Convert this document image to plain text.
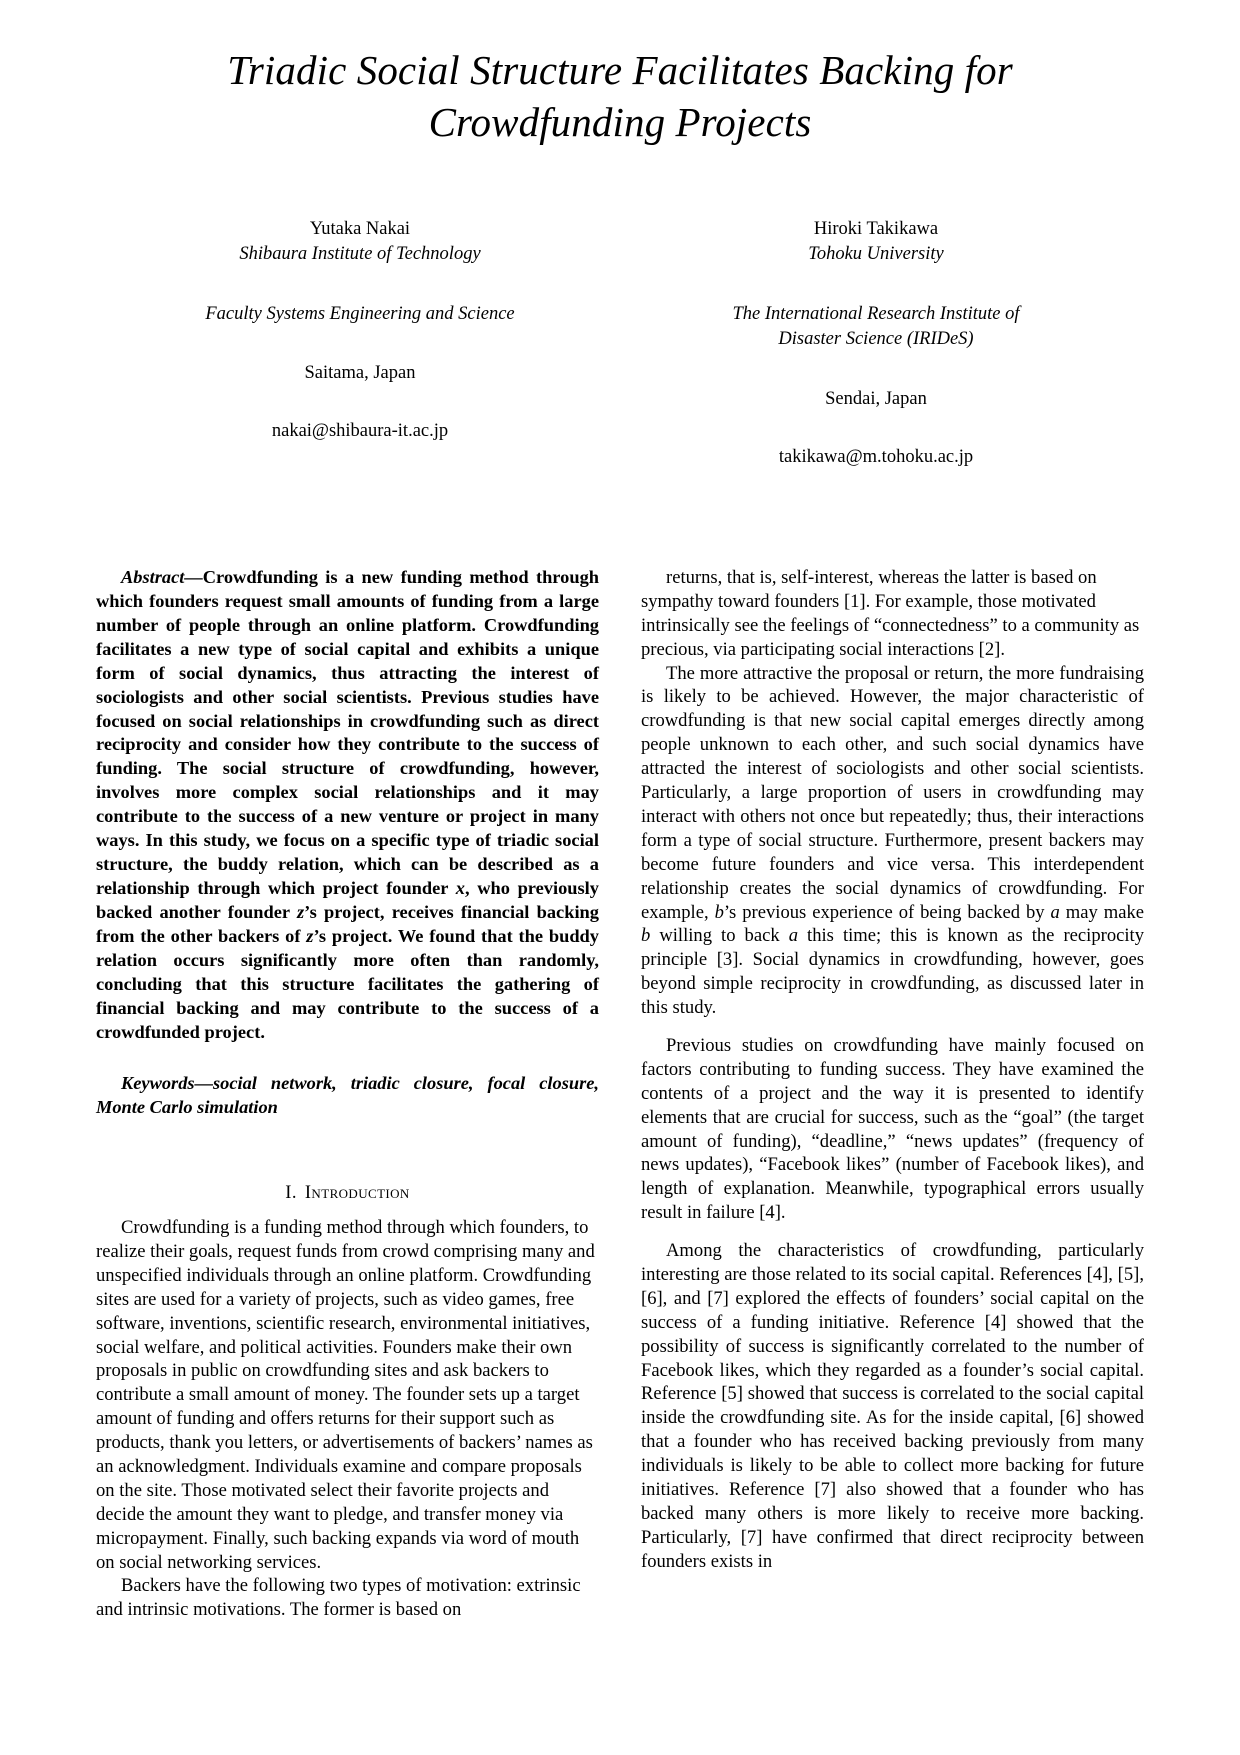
Triadic Social Structure Facilitates Backing for Crowdfunding Projects
Yutaka Nakai
Shibaura Institute of Technology
Faculty Systems Engineering and Science
Saitama, Japan
nakai@shibaura-it.ac.jp
Hiroki Takikawa
Tohoku University
The International Research Institute of Disaster Science (IRIDeS)
Sendai, Japan
takikawa@m.tohoku.ac.jp

Abstract—Crowdfunding is a new funding method through which founders request small amounts of funding from a large number of people through an online platform. Crowdfunding facilitates a new type of social capital and exhibits a unique form of social dynamics, thus attracting the interest of sociologists and other social scientists. Previous studies have focused on social relationships in crowdfunding such as direct reciprocity and consider how they contribute to the success of funding. The social structure of crowdfunding, however, involves more complex social relationships and it may contribute to the success of a new venture or project in many ways. In this study, we focus on a specific type of triadic social structure, the buddy relation, which can be described as a relationship through which project founder x, who previously backed another founder z’s project, receives financial backing from the other backers of z’s project. We found that the buddy relation occurs significantly more often than randomly, concluding that this structure facilitates the gathering of financial backing and may contribute to the success of a crowdfunded project.

Keywords—social network, triadic closure, focal closure, Monte Carlo simulation

I. Introduction

Crowdfunding is a funding method through which founders, to realize their goals, request funds from crowd comprising many and unspecified individuals through an online platform. Crowdfunding sites are used for a variety of projects, such as video games, free software, inventions, scientific research, environmental initiatives, social welfare, and political activities. Founders make their own proposals in public on crowdfunding sites and ask backers to contribute a small amount of money. The founder sets up a target amount of funding and offers returns for their support such as products, thank you letters, or advertisements of backers’ names as an acknowledgment. Individuals examine and compare proposals on the site. Those motivated select their favorite projects and decide the amount they want to pledge, and transfer money via micropayment. Finally, such backing expands via word of mouth on social networking services.

Backers have the following two types of motivation: extrinsic and intrinsic motivations. The former is based on

returns, that is, self-interest, whereas the latter is based on sympathy toward founders [1]. For example, those motivated intrinsically see the feelings of “connectedness” to a community as precious, via participating social interactions [2].

The more attractive the proposal or return, the more fundraising is likely to be achieved. However, the major characteristic of crowdfunding is that new social capital emerges directly among people unknown to each other, and such social dynamics have attracted the interest of sociologists and other social scientists. Particularly, a large proportion of users in crowdfunding may interact with others not once but repeatedly; thus, their interactions form a type of social structure. Furthermore, present backers may become future founders and vice versa. This interdependent relationship creates the social dynamics of crowdfunding. For example, b’s previous experience of being backed by a may make b willing to back a this time; this is known as the reciprocity principle [3]. Social dynamics in crowdfunding, however, goes beyond simple reciprocity in crowdfunding, as discussed later in this study.

Previous studies on crowdfunding have mainly focused on factors contributing to funding success. They have examined the contents of a project and the way it is presented to identify elements that are crucial for success, such as the “goal” (the target amount of funding), “deadline,” “news updates” (frequency of news updates), “Facebook likes” (number of Facebook likes), and length of explanation. Meanwhile, typographical errors usually result in failure [4].

Among the characteristics of crowdfunding, particularly interesting are those related to its social capital. References [4], [5], [6], and [7] explored the effects of founders’ social capital on the success of a funding initiative. Reference [4] showed that the possibility of success is significantly correlated to the number of Facebook likes, which they regarded as a founder’s social capital. Reference [5] showed that success is correlated to the social capital inside the crowdfunding site. As for the inside capital, [6] showed that a founder who has received backing previously from many individuals is likely to be able to collect more backing for future initiatives. Reference [7] also showed that a founder who has backed many others is more likely to receive more backing. Particularly, [7] have confirmed that direct reciprocity between founders exists in
